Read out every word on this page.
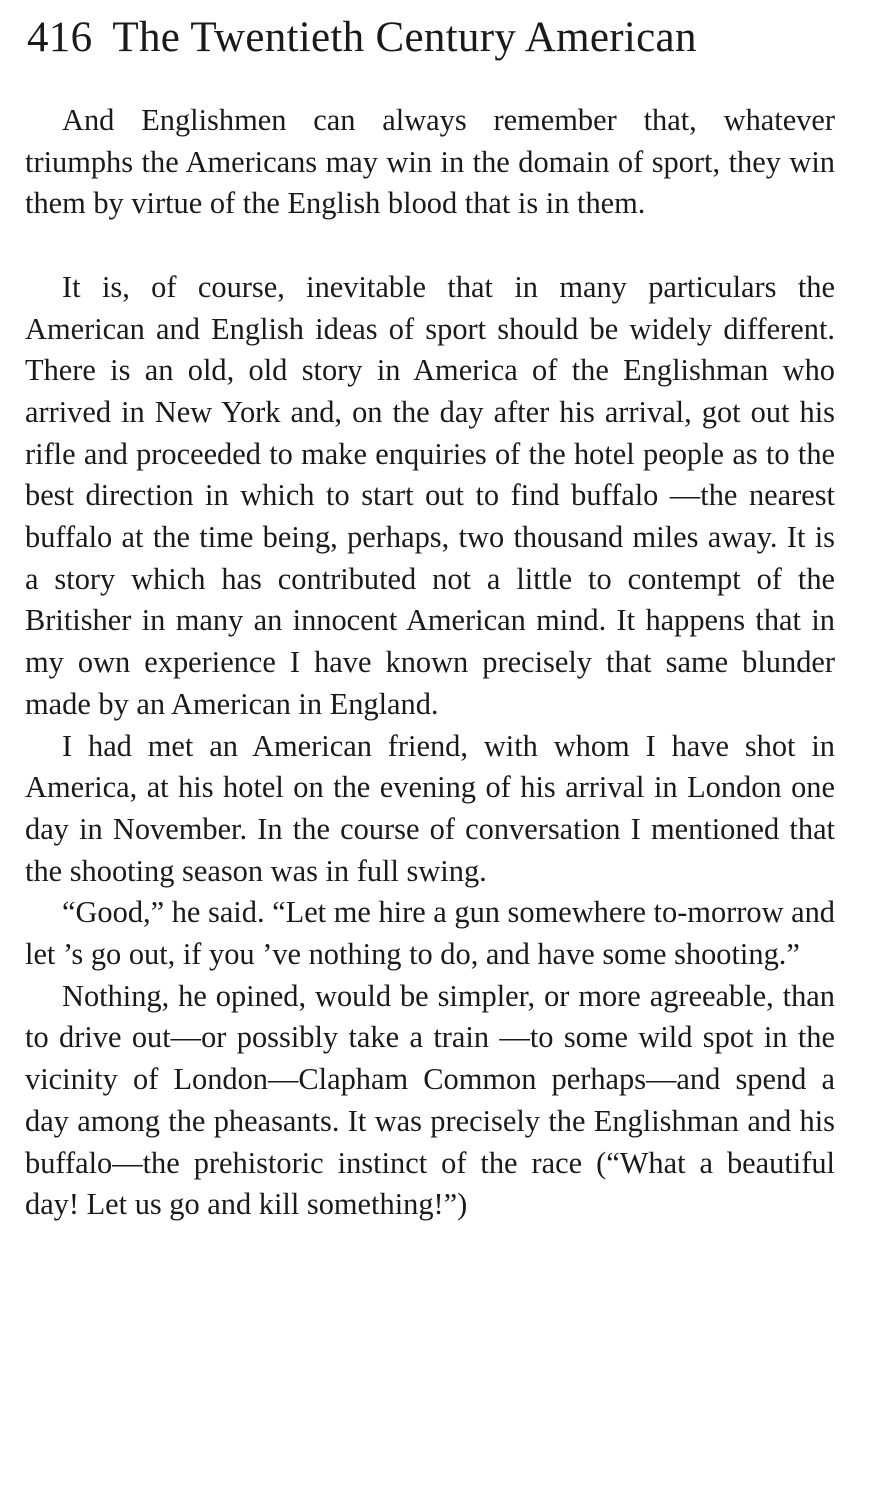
416 The Twentieth Century American

And Englishmen can always remember that, whatever triumphs the Americans may win in the domain of sport, they win them by virtue of the English blood that is in them.

It is, of course, inevitable that in many particulars the American and English ideas of sport should be widely different. There is an old, old story in America of the Englishman who arrived in New York and, on the day after his arrival, got out his rifle and proceeded to make enquiries of the hotel people as to the best direction in which to start out to find buffalo —the nearest buffalo at the time being, perhaps, two thousand miles away. It is a story which has contributed not a little to contempt of the Britisher in many an innocent American mind. It happens that in my own experience I have known precisely that same blunder made by an American in England.

I had met an American friend, with whom I have shot in America, at his hotel on the evening of his arrival in London one day in November. In the course of conversation I mentioned that the shooting season was in full swing.

“Good,” he said. “Let me hire a gun somewhere to-morrow and let ’s go out, if you ’ve nothing to do, and have some shooting.”

Nothing, he opined, would be simpler, or more agreeable, than to drive out—or possibly take a train —to some wild spot in the vicinity of London—Clapham Common perhaps—and spend a day among the pheasants. It was precisely the Englishman and his buffalo—the prehistoric instinct of the race (“What a beautiful day! Let us go and kill something!”)
